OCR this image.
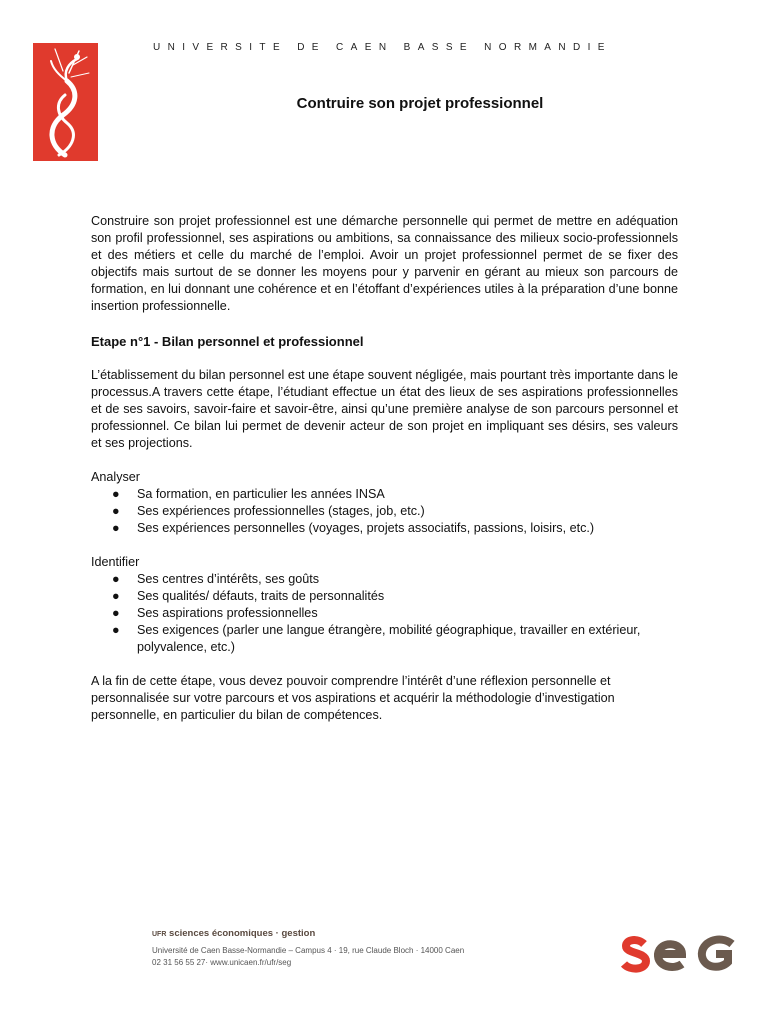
UNIVERSITE DE CAEN BASSE NORMANDIE
Contruire son projet professionnel

Construire son projet professionnel est une démarche personnelle qui permet de mettre en adéquation son profil professionnel, ses aspirations ou ambitions, sa connaissance des milieux socio-professionnels et des métiers et celle du marché de l’emploi. Avoir un projet professionnel permet de se fixer des objectifs mais surtout de se donner les moyens pour y parvenir en gérant au mieux son parcours de formation, en lui donnant une cohérence et en l’étoffant d’expériences utiles à la préparation d’une bonne insertion professionnelle.

Etape n°1 - Bilan personnel et professionnel

L’établissement du bilan personnel est une étape souvent négligée, mais pourtant très importante dans le processus.A travers cette étape, l’étudiant effectue un état des lieux de ses aspirations professionnelles et de ses savoirs, savoir-faire et savoir-être, ainsi qu’une première analyse de son parcours personnel et professionnel. Ce bilan lui permet de devenir acteur de son projet en impliquant ses désirs, ses valeurs et ses projections.

Analyser

● Sa formation, en particulier les années INSA
● Ses expériences professionnelles (stages, job, etc.)
● Ses expériences personnelles (voyages, projets associatifs, passions, loisirs, etc.)

Identifier

● Ses centres d’intérêts, ses goûts
● Ses qualités/ défauts, traits de personnalités
● Ses aspirations professionnelles
● Ses exigences (parler une langue étrangère, mobilité géographique, travailler en extérieur, polyvalence, etc.)

A la fin de cette étape, vous devez pouvoir comprendre l’intérêt d’une réflexion personnelle et personnalisée sur votre parcours et vos aspirations et acquérir la méthodologie d’investigation personnelle, en particulier du bilan de compétences.

UFR sciences économiques · gestion
Université de Caen Basse-Normandie – Campus 4 · 19, rue Claude Bloch · 14000 Caen
02 31 56 55 27· www.unicaen.fr/ufr/seg
